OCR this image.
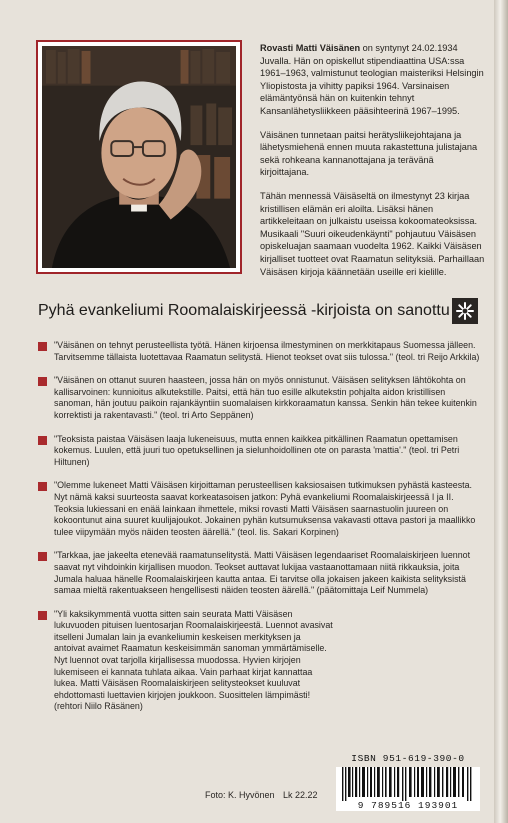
Rovasti Matti Väisänen on syntynyt 24.02.1934 Juvalla. Hän on opiskellut stipendiaattina USA:ssa 1961–1963, valmistunut teologian maisteriksi Helsingin Yliopistosta ja vihitty papiksi 1964. Varsinaisen elämäntyönsä hän on kuitenkin tehnyt Kansanlähetysliikkeen pääsihteerinä 1967–1995.

Väisänen tunnetaan paitsi herätysliikejohtajana ja lähetysmiehenä ennen muuta rakastettuna julistajana sekä rohkeana kannanottajana ja terävänä kirjoittajana.

Tähän mennessä Väisäseltä on ilmestynyt 23 kirjaa kristillisen elämän eri aloilta. Lisäksi hänen artikkeleitaan on julkaistu useissa kokoomateoksissa. Musikaali "Suuri oikeudenkäynti" pohjautuu Väisäsen opiskeluajan saamaan vuodelta 1962. Kaikki Väisäsen kirjalliset tuotteet ovat Raamatun selityksiä. Parhaillaan Väisäsen kirjoja käännetään useille eri kielille.

Pyhä evankeliumi Roomalaiskirjeessä -kirjoista on sanottu
"Väisänen on tehnyt perusteellista työtä. Hänen kirjoensa ilmestyminen on merkkitapaus Suomessa jälleen. Tarvitsemme tällaista luotettavaa Raamatun selitystä. Hienot teokset ovat siis tulossa." (teol. tri Reijo Arkkila)
"Väisänen on ottanut suuren haasteen, jossa hän on myös onnistunut. Väisäsen selityksen lähtökohta on kallisarvoinen: kunnioitus alkutekstille. Paitsi, että hän tuo esille alkutekstin pohjalta aidon kristillisen sanoman, hän joutuu paikoin rajankäyntiin suomalaisen kirkkoraamatun kanssa. Senkin hän tekee kuitenkin korrektisti ja rakentavasti." (teol. tri Arto Seppänen)
"Teoksista paistaa Väisäsen laaja lukeneisuus, mutta ennen kaikkea pitkällinen Raamatun opettamisen kokemus. Luulen, että juuri tuo opetuksellinen ja sielunhoidollinen ote on parasta 'mattia'." (teol. tri Petri Hiltunen)
"Olemme lukeneet Matti Väisäsen kirjoittaman perusteellisen kaksiosaisen tutkimuksen pyhästä kasteesta. Nyt nämä kaksi suurteosta saavat korkeatasoisen jatkon: Pyhä evankeliumi Roomalaiskirjeessä I ja II. Teoksia lukiessani en enää lainkaan ihmettele, miksi rovasti Matti Väisäsen saarnastuolin juureen on kokoontunut aina suuret kuulijajoukot. Jokainen pyhän kutsumuksensa vakavasti ottava pastori ja maallikko tulee viipymään myös näiden teosten äärellä." (teol. lis. Sakari Korpinen)
"Tarkkaa, jae jakeelta etenevää raamatunselitystä. Matti Väisäsen legendaariset Roomalaiskirjeen luennot saavat nyt vihdoinkin kirjallisen muodon. Teokset auttavat lukijaa vastaanottamaan niitä rikkauksia, joita Jumala haluaa hänelle Roomalaiskirjeen kautta antaa. Ei tarvitse olla jokaisen jakeen kaikista selityksistä samaa mieltä rakentuakseen hengellisesti näiden teosten äärellä." (päätomittaja Leif Nummela)
"Yli kaksikymmentä vuotta sitten sain seurata Matti Väisäsen lukuvuoden pituisen luentosarjan Roomalaiskirjeestä. Luennot avasivat itselleni Jumalan lain ja evankeliumin keskeisen merkityksen ja antoivat avaimet Raamatun keskeisimmän sanoman ymmärtämiselle. Nyt luennot ovat tarjolla kirjallisessa muodossa. Hyvien kirjojen lukemiseen ei kannata tuhlata aikaa. Vain parhaat kirjat kannattaa lukea. Matti Väisäsen Roomalaiskirjeen selitysteokset kuuluvat ehdottomasti luettavien kirjojen joukkoon. Suosittelen lämpimästi! (rehtori Niilo Räsänen)
ISBN 951-619-390-0
9 789516 193901
Foto: K. Hyvönen Lk 22.22
